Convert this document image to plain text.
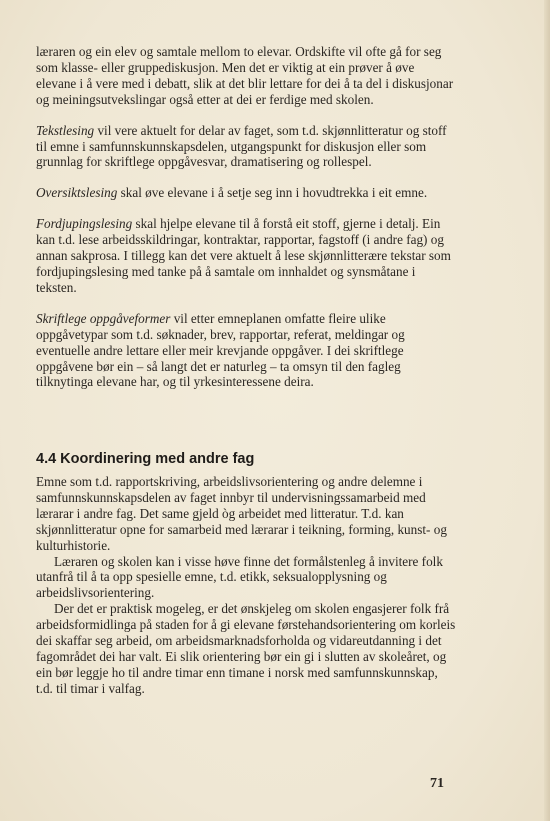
læraren og ein elev og samtale mellom to elevar. Ordskifte vil ofte gå for seg som klasse- eller gruppediskusjon. Men det er viktig at ein prøver å øve elevane i å vere med i debatt, slik at det blir lettare for dei å ta del i diskusjonar og meiningsutvekslingar også etter at dei er ferdige med skolen.

Tekstlesing vil vere aktuelt for delar av faget, som t.d. skjønnlitteratur og stoff til emne i samfunnskunnskapsdelen, utgangspunkt for diskusjon eller som grunnlag for skriftlege oppgåvesvar, dramatisering og rollespel.

Oversiktslesing skal øve elevane i å setje seg inn i hovudtrekka i eit emne.

Fordjupingslesing skal hjelpe elevane til å forstå eit stoff, gjerne i detalj. Ein kan t.d. lese arbeidsskildringar, kontraktar, rapportar, fagstoff (i andre fag) og annan sakprosa. I tillegg kan det vere aktuelt å lese skjønnlitterære tekstar som fordjupingslesing med tanke på å samtale om innhaldet og synsmåtane i teksten.

Skriftlege oppgåveformer vil etter emneplanen omfatte fleire ulike oppgåvetypar som t.d. søknader, brev, rapportar, referat, meldingar og eventuelle andre lettare eller meir krevjande oppgåver. I dei skriftlege oppgåvene bør ein – så langt det er naturleg – ta omsyn til den fagleg tilknytinga elevane har, og til yrkesinteressene deira.

4.4 Koordinering med andre fag

Emne som t.d. rapportskriving, arbeidslivsorientering og andre delemne i samfunnskunnskapsdelen av faget innbyr til undervisningssamarbeid med lærarar i andre fag. Det same gjeld òg arbeidet med litteratur. T.d. kan skjønnlitteratur opne for samarbeid med lærarar i teikning, forming, kunst- og kulturhistorie.

Læraren og skolen kan i visse høve finne det formålstenleg å invitere folk utanfrå til å ta opp spesielle emne, t.d. etikk, seksualopplysning og arbeidslivsorientering.

Der det er praktisk mogeleg, er det ønskjeleg om skolen engasjerer folk frå arbeidsformidlinga på staden for å gi elevane førstehandsorientering om korleis dei skaffar seg arbeid, om arbeidsmarknadsforholda og vidareutdanning i det fagområdet dei har valt. Ei slik orientering bør ein gi i slutten av skoleåret, og ein bør leggje ho til andre timar enn timane i norsk med samfunnskunnskap, t.d. til timar i valfag.

71
